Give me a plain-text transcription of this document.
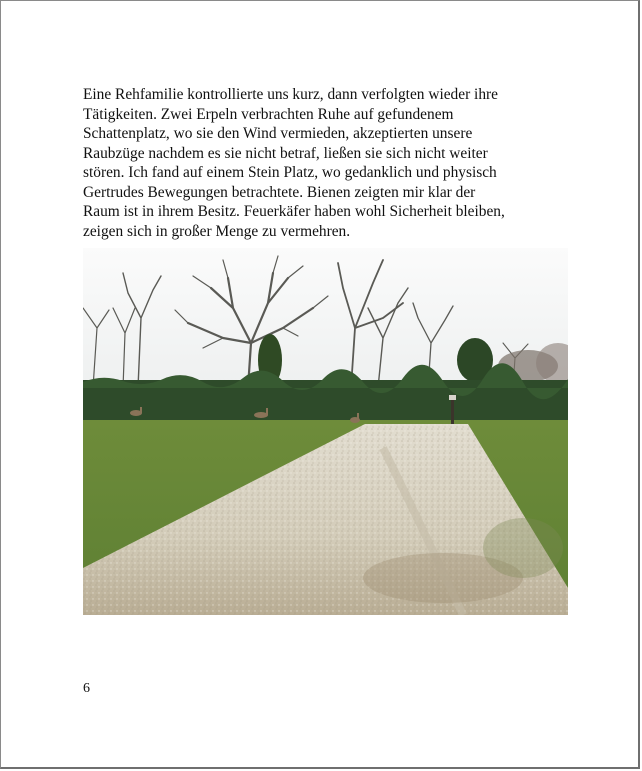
Eine Rehfamilie kontrollierte uns kurz, dann verfolgten wieder ihre
Tätigkeiten. Zwei Erpeln verbrachten Ruhe auf gefundenem
Schattenplatz, wo sie den Wind vermieden, akzeptierten unsere
Raubzüge nachdem es sie nicht betraf, ließen sie sich nicht weiter
stören. Ich fand auf einem Stein Platz, wo gedanklich und physisch
Gertrudes Bewegungen betrachtete. Bienen zeigten mir klar der
Raum ist in ihrem Besitz. Feuerkäfer haben wohl Sicherheit bleiben,
zeigen sich in großer Menge zu vermehren.

6
